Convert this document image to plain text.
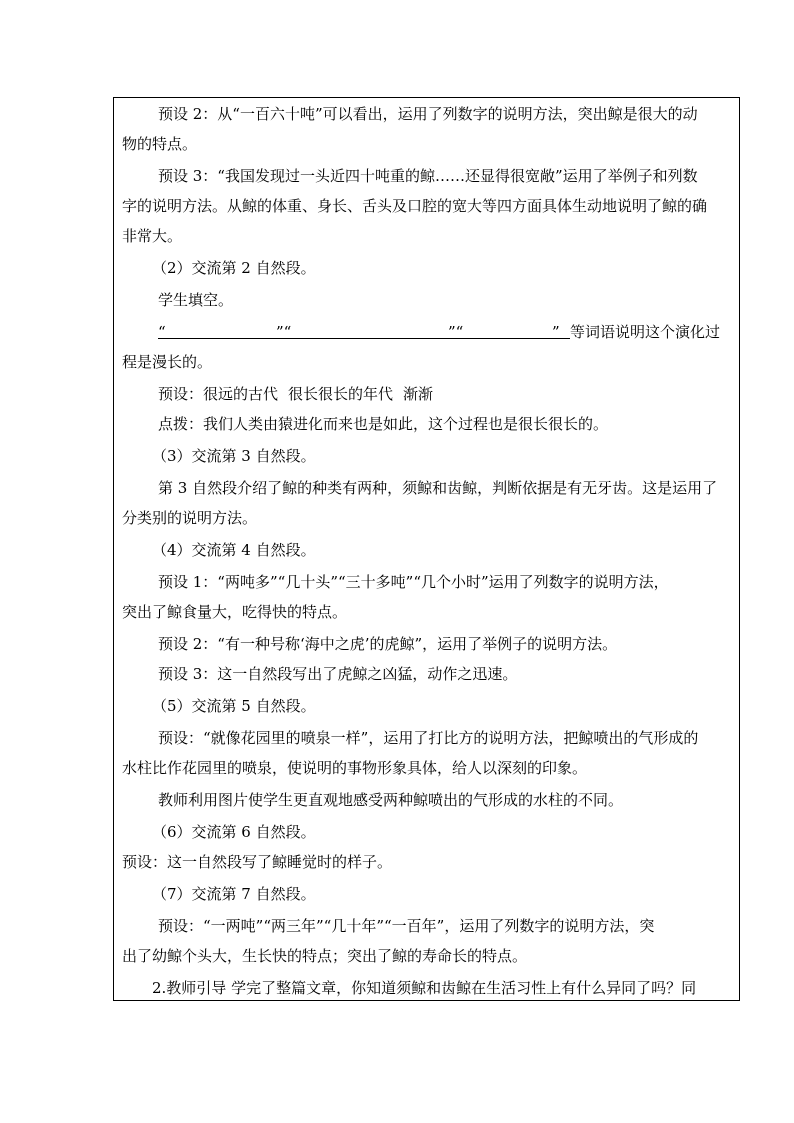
预设 2：从“一百六十吨”可以看出，运用了列数字的说明方法，突出鲸是很大的动
物的特点。
预设 3：“我国发现过一头近四十吨重的鲸……还显得很宽敞”运用了举例子和列数
字的说明方法。从鲸的体重、身长、舌头及口腔的宽大等四方面具体生动地说明了鲸的确
非常大。
（2）交流第 2 自然段。
学生填空。
“	”“	”“	” 等词语说明这个演化过
程是漫长的。
预设：很远的古代 很长很长的年代 渐渐
点拨：我们人类由猿进化而来也是如此，这个过程也是很长很长的。
（3）交流第 3 自然段。
第 3 自然段介绍了鲸的种类有两种，须鲸和齿鲸，判断依据是有无牙齿。这是运用了
分类别的说明方法。
（4）交流第 4 自然段。
预设 1：“两吨多”“几十头”“三十多吨”“几个小时”运用了列数字的说明方法，
突出了鲸食量大，吃得快的特点。
预设 2：“有一种号称‘海中之虎’的虎鲸”，运用了举例子的说明方法。
预设 3：这一自然段写出了虎鲸之凶猛，动作之迅速。
（5）交流第 5 自然段。
预设：“就像花园里的喷泉一样”，运用了打比方的说明方法，把鲸喷出的气形成的
水柱比作花园里的喷泉，使说明的事物形象具体，给人以深刻的印象。
教师利用图片使学生更直观地感受两种鲸喷出的气形成的水柱的不同。
（6）交流第 6 自然段。
预设：这一自然段写了鲸睡觉时的样子。
（7）交流第 7 自然段。
预设：“一两吨”“两三年”“几十年”“一百年”，运用了列数字的说明方法，突
出了幼鲸个头大，生长快的特点；突出了鲸的寿命长的特点。
2.教师引导 学完了整篇文章，你知道须鲸和齿鲸在生活习性上有什么异同了吗？同
